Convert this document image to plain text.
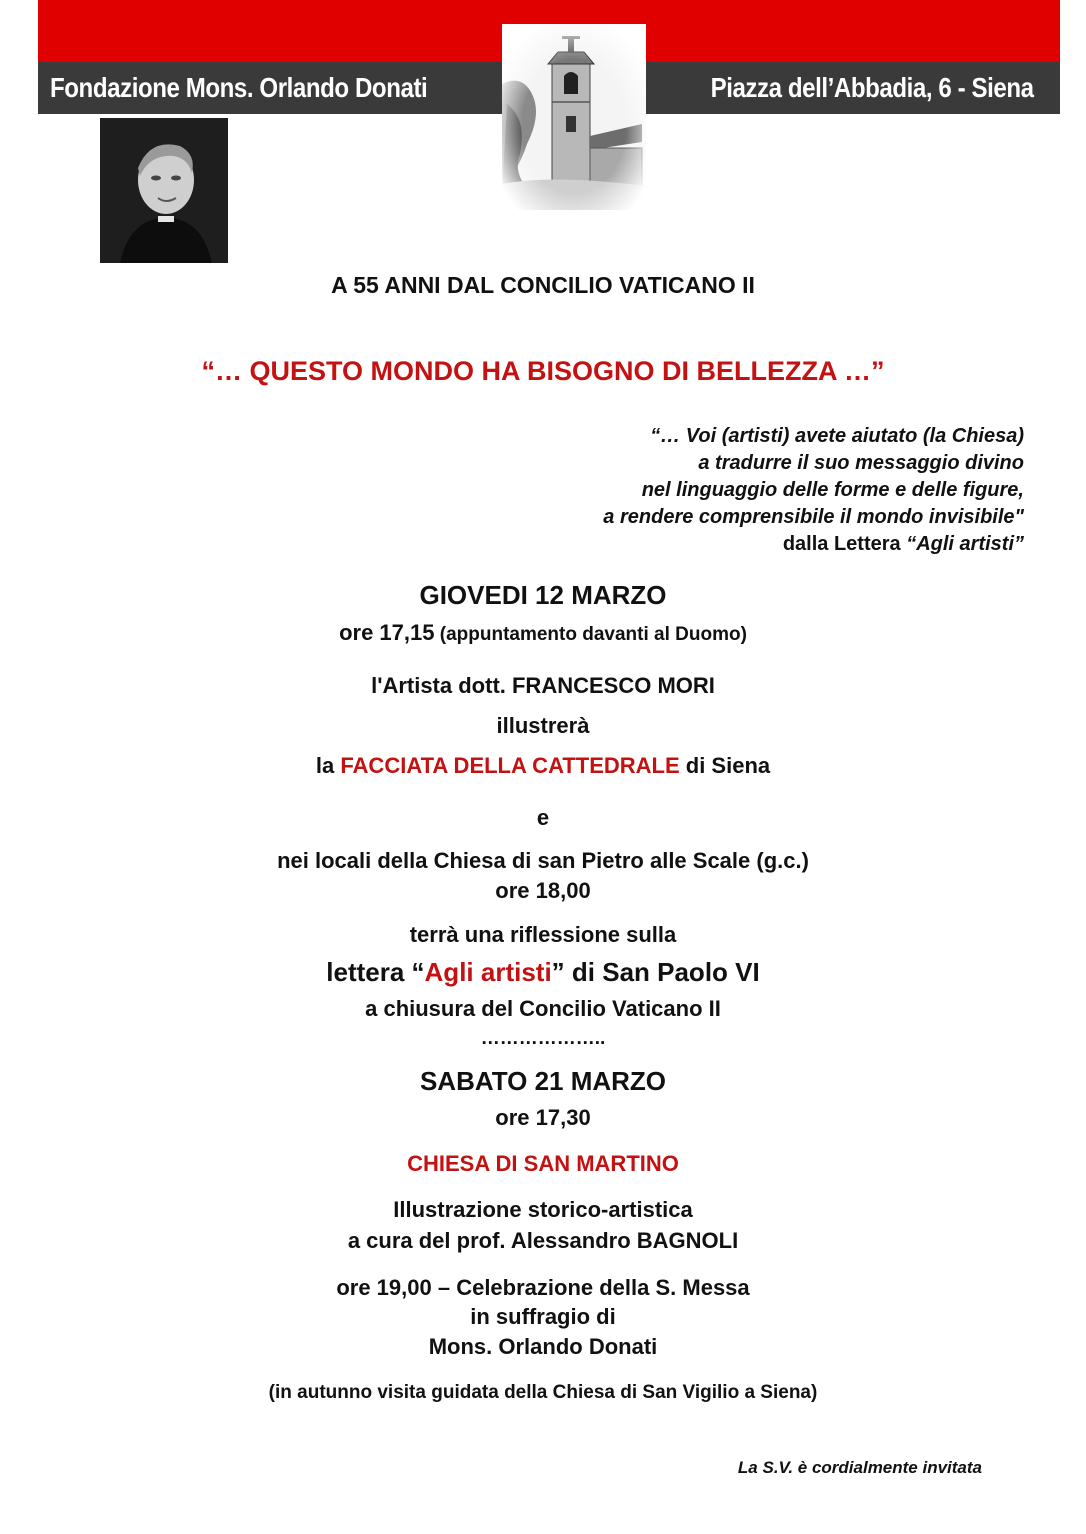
Fondazione Mons. Orlando Donati	Piazza dell’Abbadia, 6 - Siena
A 55 ANNI DAL CONCILIO VATICANO II
“… QUESTO MONDO HA BISOGNO DI BELLEZZA …”
“… Voi (artisti) avete aiutato (la Chiesa)
a tradurre il suo messaggio divino
nel linguaggio delle forme e delle figure,
a rendere comprensibile il mondo invisibile"
dalla Lettera “Agli artisti”
GIOVEDI 12 MARZO
ore 17,15 (appuntamento davanti al Duomo)
l'Artista dott. FRANCESCO MORI
illustrerà
la FACCIATA DELLA CATTEDRALE di Siena
e
nei locali della Chiesa di san Pietro alle Scale (g.c.)
ore 18,00
terrà una riflessione sulla
lettera “Agli artisti” di San Paolo VI
a chiusura del Concilio Vaticano II
………………..
SABATO 21 MARZO
ore 17,30
CHIESA DI SAN MARTINO
Illustrazione storico-artistica
a cura del prof. Alessandro BAGNOLI
ore 19,00 – Celebrazione della S. Messa
in suffragio di
Mons. Orlando Donati
(in autunno visita guidata della Chiesa di San Vigilio a Siena)
La S.V. è cordialmente invitata
